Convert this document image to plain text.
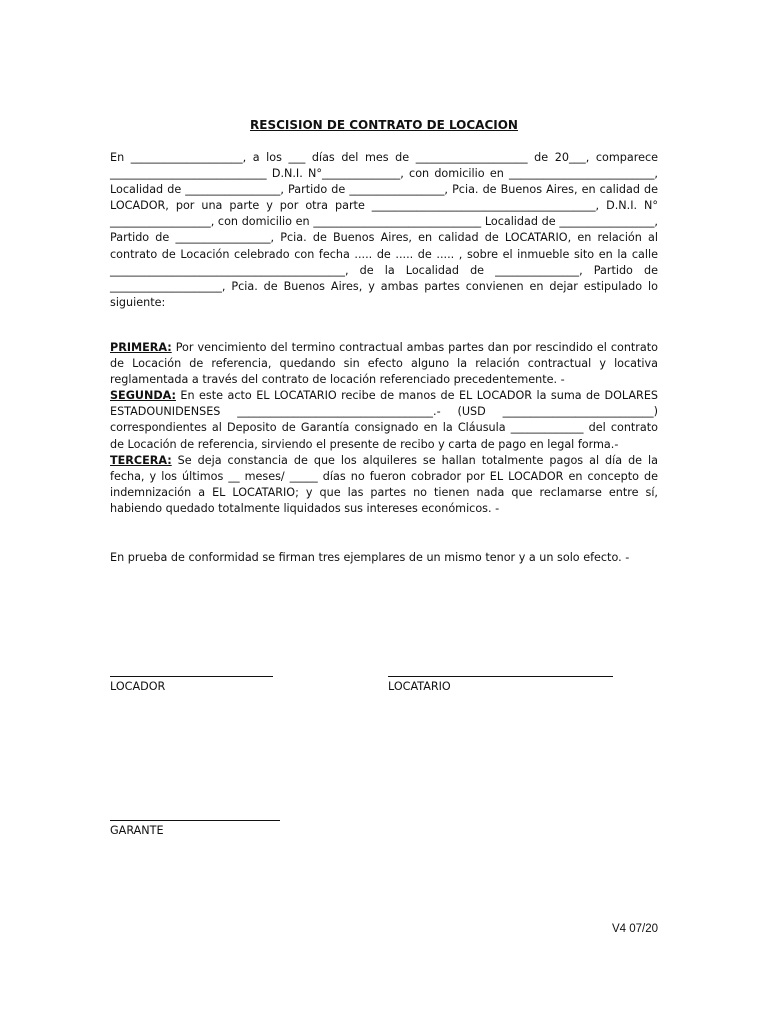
RESCISION DE CONTRATO DE LOCACION

En ____________________, a los ___ días del mes de ____________________ de 20___, comparece ____________________________ D.N.I. N°______________, con domicilio en __________________________, Localidad de _________________, Partido de _________________, Pcia. de Buenos Aires, en calidad de LOCADOR, por una parte y por otra parte ________________________________________, D.N.I. N° __________________, con domicilio en ______________________________ Localidad de _________________, Partido de _________________, Pcia. de Buenos Aires, en calidad de LOCATARIO, en relación al contrato de Locación celebrado con fecha ..... de ..... de ..... , sobre el inmueble sito en la calle __________________________________________, de la Localidad de _______________, Partido de ____________________, Pcia. de Buenos Aires, y ambas partes convienen en dejar estipulado lo siguiente:

PRIMERA: Por vencimiento del termino contractual ambas partes dan por rescindido el contrato de Locación de referencia, quedando sin efecto alguno la relación contractual y locativa reglamentada a través del contrato de locación referenciado precedentemente. -

SEGUNDA: En este acto EL LOCATARIO recibe de manos de EL LOCADOR la suma de DOLARES ESTADOUNIDENSES ___________________________________.- (USD ___________________________) correspondientes al Deposito de Garantía consignado en la Cláusula _____________ del contrato de Locación de referencia, sirviendo el presente de recibo y carta de pago en legal forma.-

TERCERA: Se deja constancia de que los alquileres se hallan totalmente pagos al día de la fecha, y los últimos __ meses/ _____ días no fueron cobrador por EL LOCADOR en concepto de indemnización a EL LOCATARIO; y que las partes no tienen nada que reclamarse entre sí, habiendo quedado totalmente liquidados sus intereses económicos. -

En prueba de conformidad se firman tres ejemplares de un mismo tenor y a un solo efecto. -

LOCADOR	LOCATARIO
GARANTE
V4 07/20
